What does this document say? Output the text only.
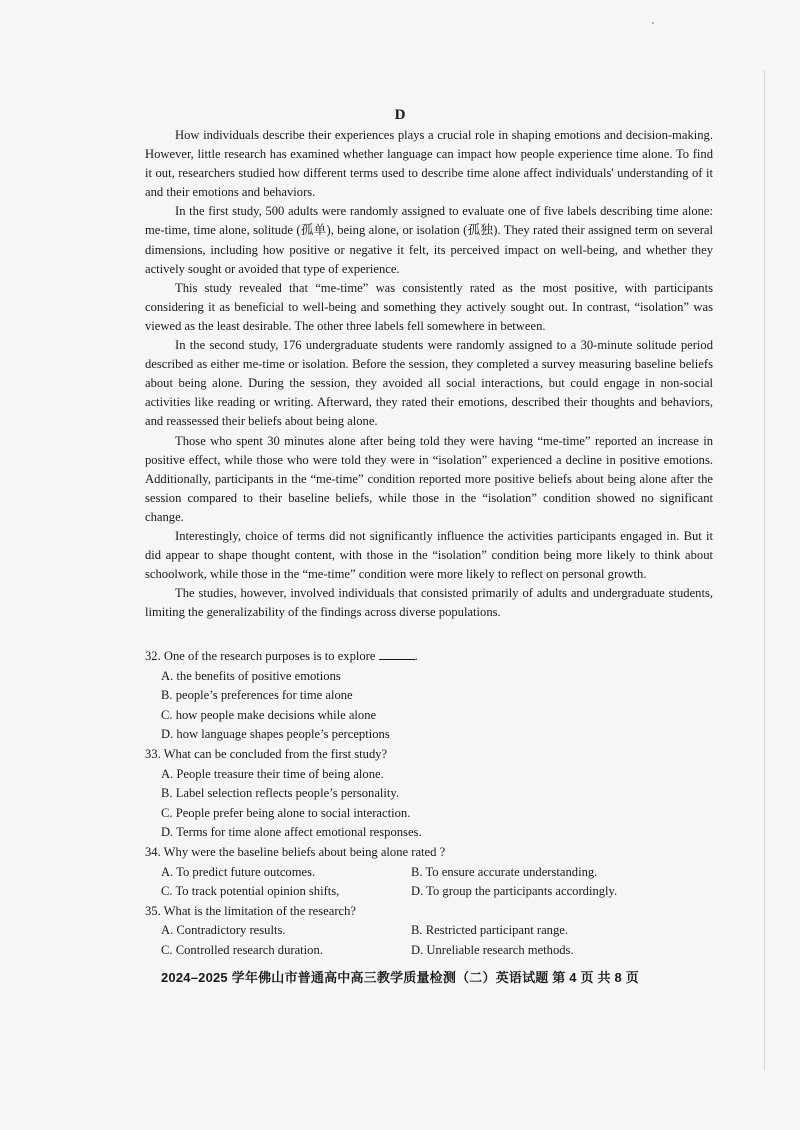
D

How individuals describe their experiences plays a crucial role in shaping emotions and decision-making. However, little research has examined whether language can impact how people experience time alone. To find it out, researchers studied how different terms used to describe time alone affect individuals' understanding of it and their emotions and behaviors.

In the first study, 500 adults were randomly assigned to evaluate one of five labels describing time alone: me-time, time alone, solitude (孤单), being alone, or isolation (孤独). They rated their assigned term on several dimensions, including how positive or negative it felt, its perceived impact on well-being, and whether they actively sought or avoided that type of experience.

This study revealed that “me-time” was consistently rated as the most positive, with participants considering it as beneficial to well-being and something they actively sought out. In contrast, “isolation” was viewed as the least desirable. The other three labels fell somewhere in between.

In the second study, 176 undergraduate students were randomly assigned to a 30-minute solitude period described as either me-time or isolation. Before the session, they completed a survey measuring baseline beliefs about being alone. During the session, they avoided all social interactions, but could engage in non-social activities like reading or writing. Afterward, they rated their emotions, described their thoughts and behaviors, and reassessed their beliefs about being alone.

Those who spent 30 minutes alone after being told they were having “me-time” reported an increase in positive effect, while those who were told they were in “isolation” experienced a decline in positive emotions. Additionally, participants in the “me-time” condition reported more positive beliefs about being alone after the session compared to their baseline beliefs, while those in the “isolation” condition showed no significant change.

Interestingly, choice of terms did not significantly influence the activities participants engaged in. But it did appear to shape thought content, with those in the “isolation” condition being more likely to think about schoolwork, while those in the “me-time” condition were more likely to reflect on personal growth.

The studies, however, involved individuals that consisted primarily of adults and undergraduate students, limiting the generalizability of the findings across diverse populations.

32. One of the research purposes is to explore	.
A. the benefits of positive emotions
B. people’s preferences for time alone
C. how people make decisions while alone
D. how language shapes people’s perceptions
33. What can be concluded from the first study?
A. People treasure their time of being alone.
B. Label selection reflects people’s personality.
C. People prefer being alone to social interaction.
D. Terms for time alone affect emotional responses.
34. Why were the baseline beliefs about being alone rated ?
A. To predict future outcomes.	B. To ensure accurate understanding.
C. To track potential opinion shifts,	D. To group the participants accordingly.
35. What is the limitation of the research?
A. Contradictory results.	B. Restricted participant range.
C. Controlled research duration.	D. Unreliable research methods.
2024–2025 学年佛山市普通高中高三教学质量检测（二）英语试题 第 4 页 共 8 页
